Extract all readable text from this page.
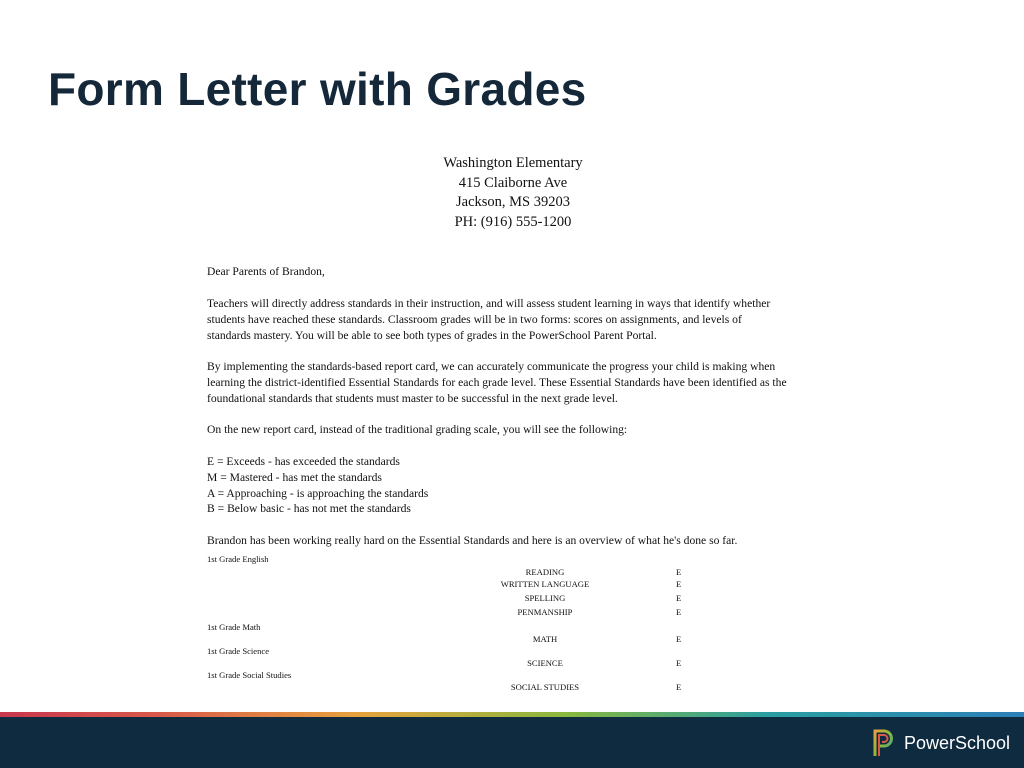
Form Letter with Grades
Washington Elementary
415 Claiborne Ave
Jackson, MS 39203
PH: (916) 555-1200

Dear Parents of Brandon,

Teachers will directly address standards in their instruction, and will assess student learning in ways that identify whether

students have reached these standards. Classroom grades will be in two forms: scores on assignments, and levels of

standards mastery. You will be able to see both types of grades in the PowerSchool Parent Portal.

By implementing the standards-based report card, we can accurately communicate the progress your child is making when

learning the district-identified Essential Standards for each grade level. These Essential Standards have been identified as the

foundational standards that students must master to be successful in the next grade level.

On the new report card, instead of the traditional grading scale, you will see the following:

E = Exceeds - has exceeded the standards

M = Mastered - has met the standards

A = Approaching - is approaching the standards

B = Below basic - has not met the standards

Brandon has been working really hard on the Essential Standards and here is an overview of what he's done so far.

1st Grade English
READING	E
WRITTEN LANGUAGE	E
SPELLING	E
PENMANSHIP	E
1st Grade Math
MATH	E
1st Grade Science
SCIENCE	E
1st Grade Social Studies
SOCIAL STUDIES	E
PowerSchool
